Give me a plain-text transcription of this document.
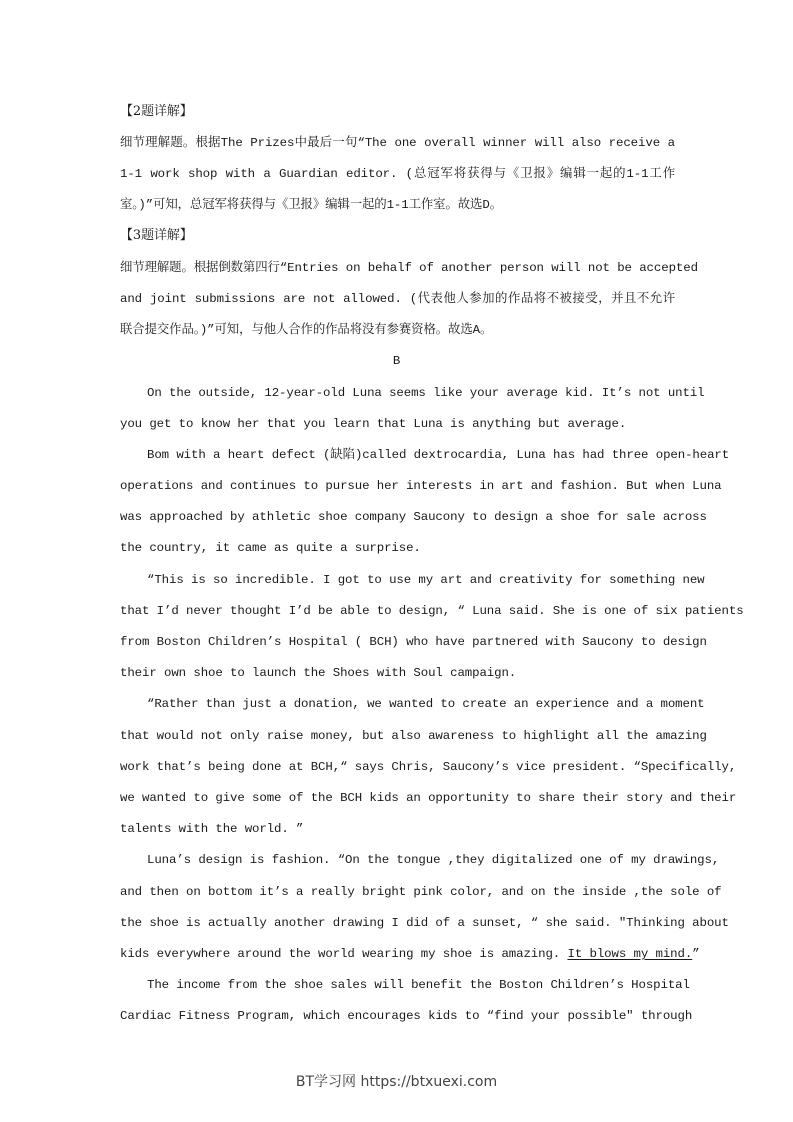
【2题详解】
细节理解题。根据The Prizes中最后一句“The one overall winner will also receive a
1-1 work shop with a Guardian editor. (总冠军将获得与《卫报》编辑一起的1-1工作
室。)”可知，总冠军将获得与《卫报》编辑一起的1-1工作室。故选D。
【3题详解】
细节理解题。根据倒数第四行“Entries on behalf of another person will not be accepted
and joint submissions are not allowed. (代表他人参加的作品将不被接受，并且不允许
联合提交作品。)”可知，与他人合作的作品将没有参赛资格。故选A。
B
On the outside, 12-year-old Luna seems like your average kid. It’s not until
you get to know her that you learn that Luna is anything but average.
Bom with a heart defect (缺陷)called dextrocardia, Luna has had three open-heart
operations and continues to pursue her interests in art and fashion. But when Luna
was approached by athletic shoe company Saucony to design a shoe for sale across
the country, it came as quite a surprise.
“This is so incredible. I got to use my art and creativity for something new
that I’d never thought I’d be able to design, “ Luna said. She is one of six patients
from Boston Children’s Hospital ( BCH) who have partnered with Saucony to design
their own shoe to launch the Shoes with Soul campaign.
“Rather than just a donation, we wanted to create an experience and a moment
that would not only raise money, but also awareness to highlight all the amazing
work that’s being done at BCH,“ says Chris, Saucony’s vice president. “Specifically,
we wanted to give some of the BCH kids an opportunity to share their story and their
talents with the world. ”
Luna’s design is fashion. “On the tongue ,they digitalized one of my drawings,
and then on bottom it’s a really bright pink color, and on the inside ,the sole of
the shoe is actually another drawing I did of a sunset, “ she said. ″Thinking about
kids everywhere around the world wearing my shoe is amazing. It blows my mind.”
The income from the shoe sales will benefit the Boston Children’s Hospital
Cardiac Fitness Program, which encourages kids to “find your possible″ through
BT学习网 https://btxuexi.com
